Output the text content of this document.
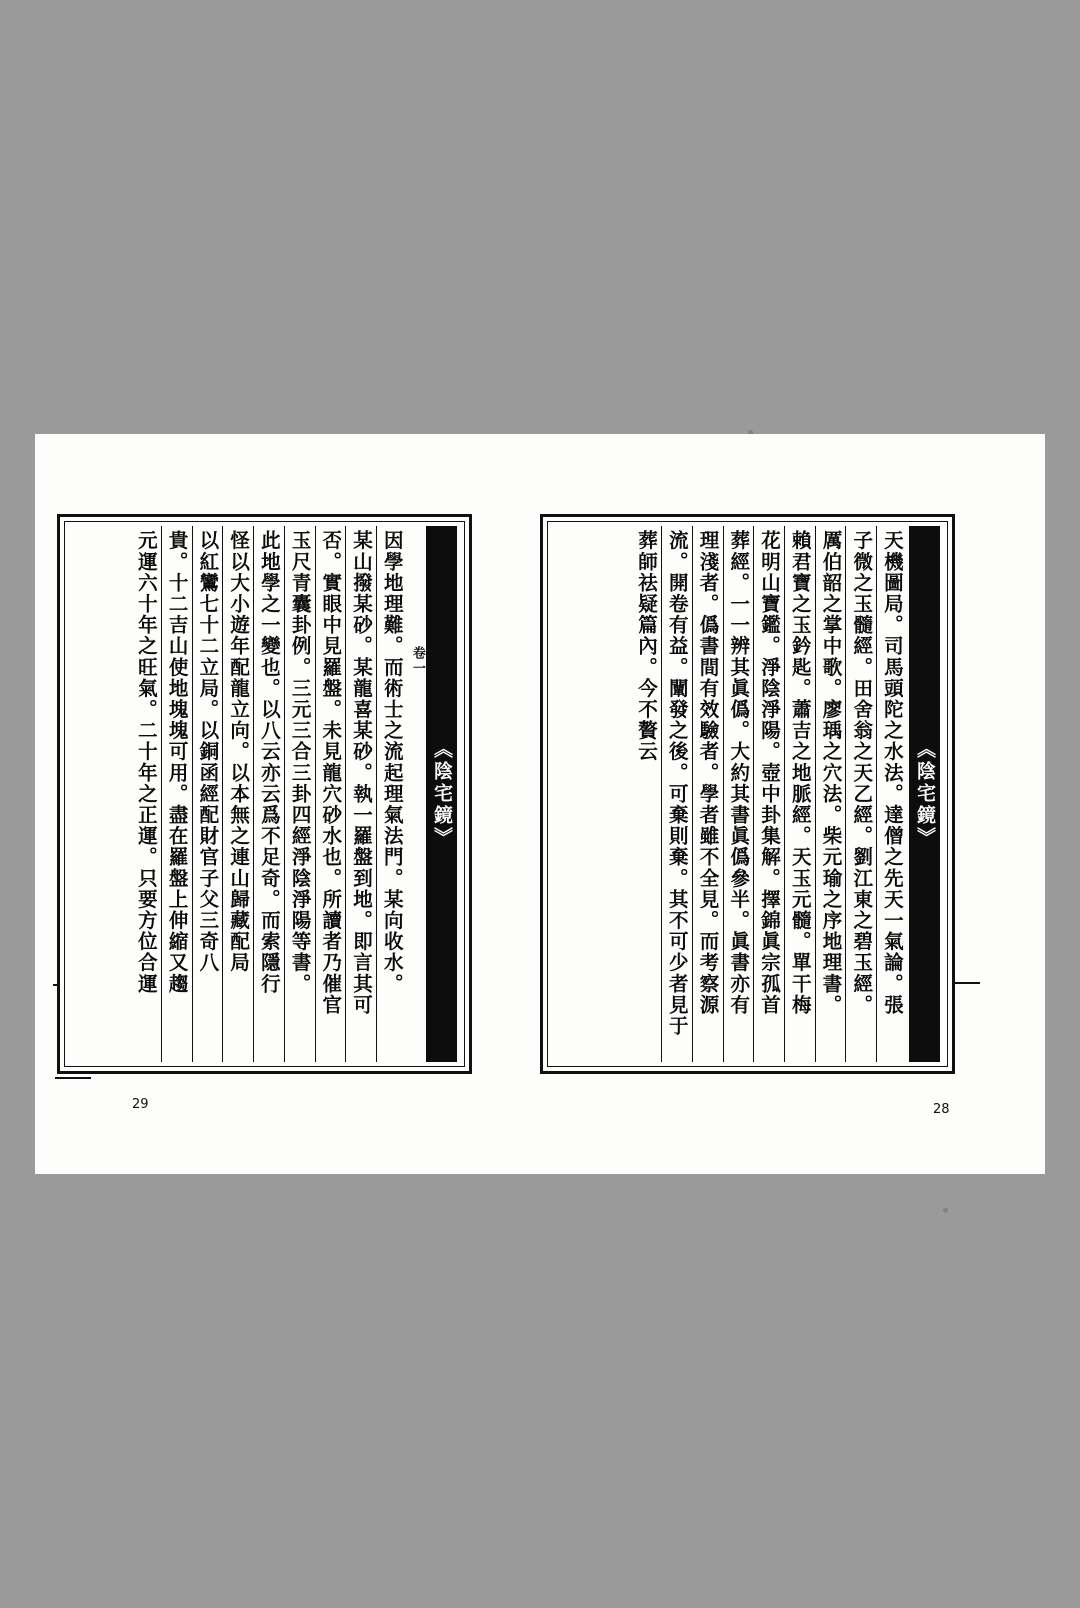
《陰宅鏡》
卷一
因學地理難。而術士之流起理氣法門。某向收水。
某山撥某砂。某龍喜某砂。執一羅盤到地。即言其可
否。實眼中見羅盤。未見龍穴砂水也。所讀者乃催官
玉尺青囊卦例。三元三合三卦四經淨陰淨陽等書。
此地學之一變也。以八云亦云爲不足奇。而索隱行
怪以大小遊年配龍立向。以本無之連山歸藏配局
以紅鸞七十二立局。以銅函經配財官子父三奇八
貴。十二吉山使地塊塊可用。盡在羅盤上伸縮又趨
元運六十年之旺氣。二十年之正運。只要方位合運	《陰宅鏡》
天機圖局。司馬頭陀之水法。達僧之先天一氣論。張
子微之玉髓經。田舍翁之天乙經。劉江東之碧玉經。
厲伯韶之掌中歌。廖瑀之穴法。柴元瑜之序地理書。
賴君寶之玉鈐匙。蕭吉之地脈經。天玉元髓。單干梅
花明山寶鑑。淨陰淨陽。壺中卦集解。擇錦眞宗孤首
葬經。一一辨其眞僞。大約其書眞僞參半。眞書亦有
理淺者。僞書間有效驗者。學者雖不全見。而考察源
流。開卷有益。闡發之後。可棄則棄。其不可少者見于
葬師祛疑篇內。今不贅云
29	28
